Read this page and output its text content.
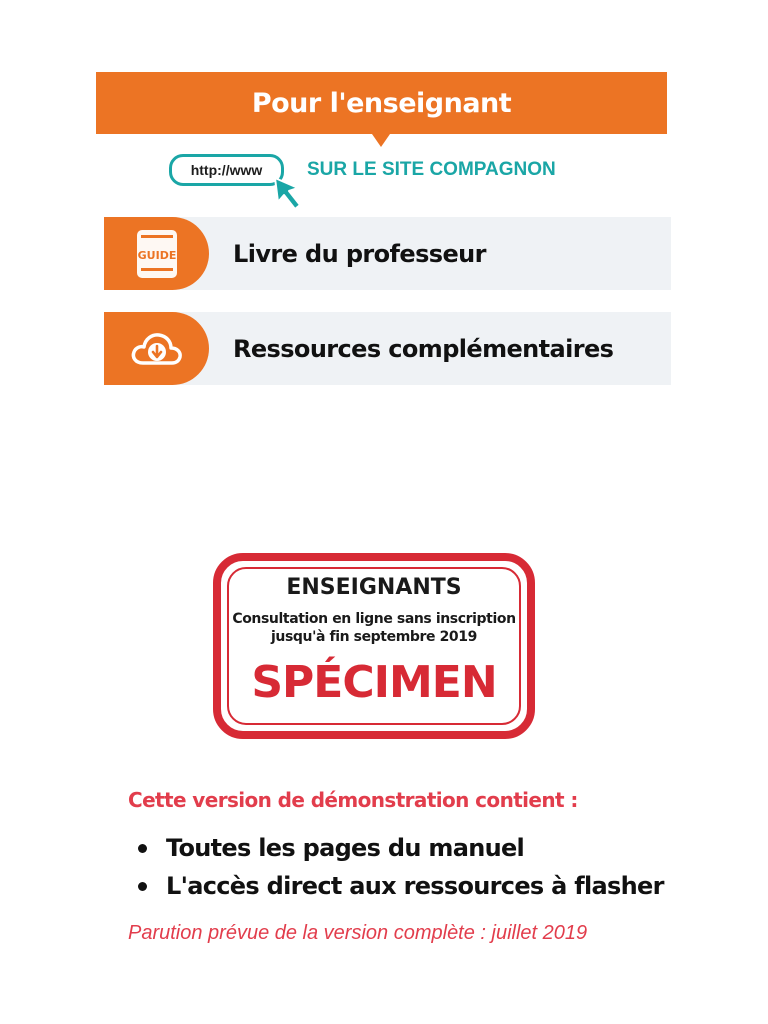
Pour l'enseignant
http://www SUR LE SITE COMPAGNON
GUIDE Livre du professeur
Ressources complémentaires
ENSEIGNANTS
Consultation en ligne sans inscription
jusqu'à fin septembre 2019
SPÉCIMEN
Cette version de démonstration contient :
Toutes les pages du manuel
L'accès direct aux ressources à flasher
Parution prévue de la version complète : juillet 2019
